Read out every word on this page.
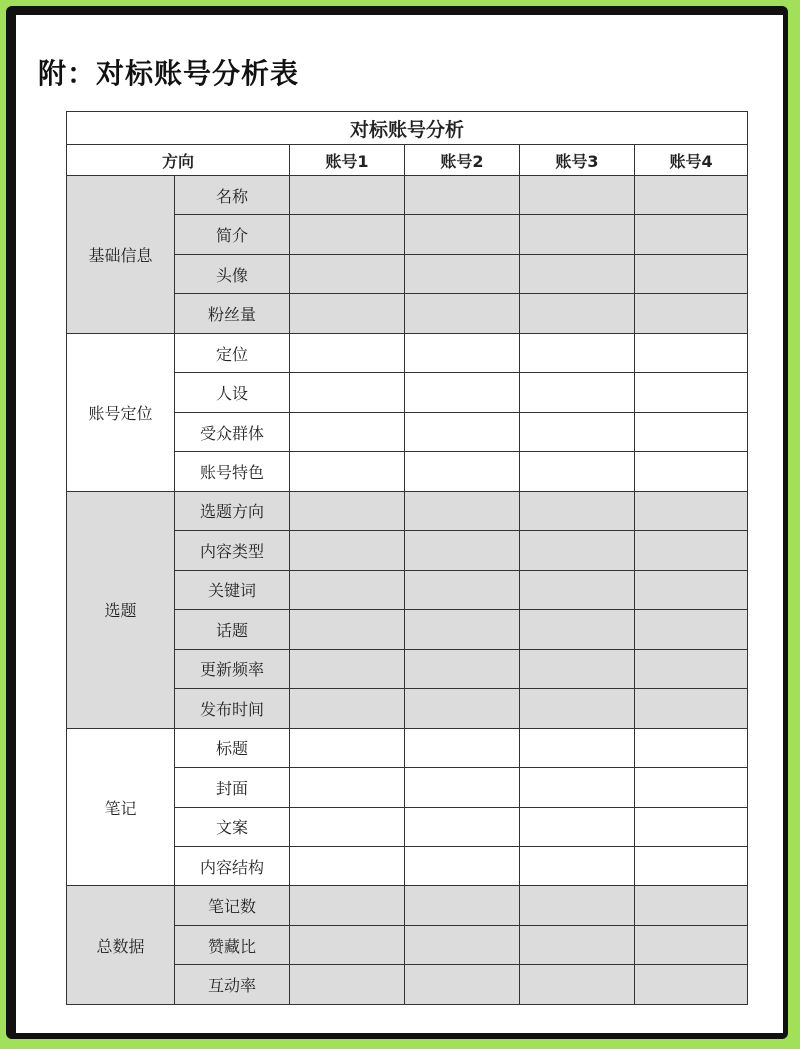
附：对标账号分析表
对标账号分析					
方向		账号1	账号2	账号3	账号4
基础信息	名称				
	简介				
	头像				
	粉丝量				
账号定位	定位				
	人设				
	受众群体				
	账号特色				
选题	选题方向				
	内容类型				
	关键词				
	话题				
	更新频率				
	发布时间				
笔记	标题				
	封面				
	文案				
	内容结构				
总数据	笔记数				
	赞藏比				
	互动率				
